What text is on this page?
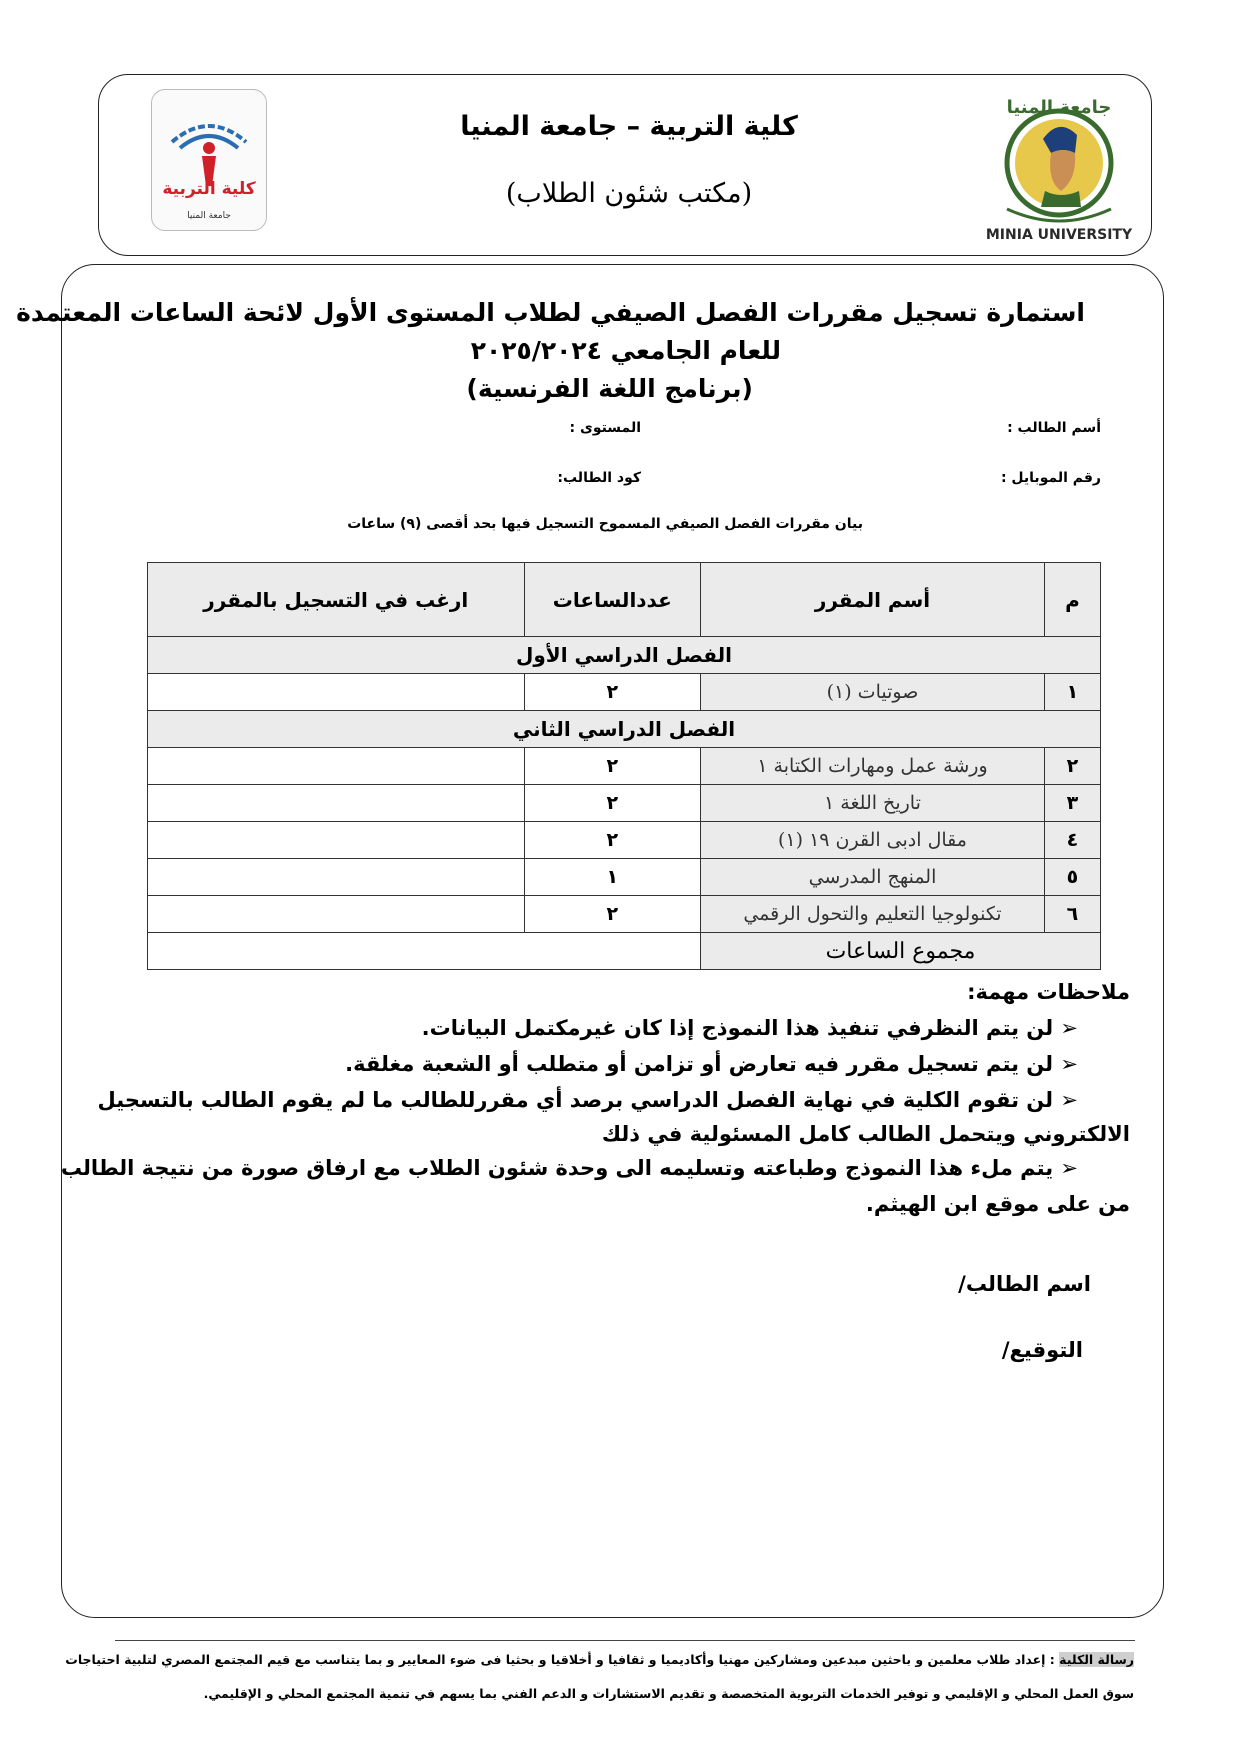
جامعة المنيا
MINIA UNIVERSITY
كلية التربية – جامعة المنيا
(مكتب شئون الطلاب)
كلية التربية
جامعة المنيا
استمارة تسجيل مقررات الفصل الصيفي لطلاب المستوى الأول لائحة الساعات المعتمدة
للعام الجامعي ٢٠٢٥/٢٠٢٤
(برنامج اللغة الفرنسية)
أسم الطالب :
المستوى :
رقم الموبايل :
كود الطالب:
بيان مقررات الفصل الصيفي المسموح التسجيل فيها بحد أقصى (٩) ساعات
م	أسم المقرر	عددالساعات	ارغب في التسجيل بالمقرر
الفصل الدراسي الأول			
١	صوتيات (١)	٢	
الفصل الدراسي الثاني			
٢	ورشة عمل ومهارات الكتابة ١	٢	
٣	تاريخ اللغة ١	٢	
٤	مقال ادبى القرن ١٩ (١)	٢	
٥	المنهج المدرسي	١	
٦	تكنولوجيا التعليم والتحول الرقمي	٢	
مجموع الساعات			
ملاحظات مهمة:
➢ لن يتم النظرفي تنفيذ هذا النموذج إذا كان غيرمكتمل البيانات.
➢ لن يتم تسجيل مقرر فيه تعارض أو تزامن أو متطلب أو الشعبة مغلقة.
➢ لن تقوم الكلية في نهاية الفصل الدراسي برصد أي مقررللطالب ما لم يقوم الطالب بالتسجيل
الالكتروني ويتحمل الطالب كامل المسئولية في ذلك
➢ يتم ملء هذا النموذج وطباعته وتسليمه الى وحدة شئون الطلاب مع ارفاق صورة من نتيجة الطالب
من على موقع ابن الهيثم.
اسم الطالب/
التوقيع/
رسالة الكلية : إعداد طلاب معلمين و باحثين مبدعين ومشاركين مهنيا وأكاديميا و ثقافيا و أخلاقيا و بحثيا فى ضوء المعايير و بما يتناسب مع قيم المجتمع المصري لتلبية احتياجات
سوق العمل المحلي و الإقليمي و توفير الخدمات التربوية المتخصصة و تقديم الاستشارات و الدعم الفني بما يسهم في تنمية المجتمع المحلي و الإقليمي.
